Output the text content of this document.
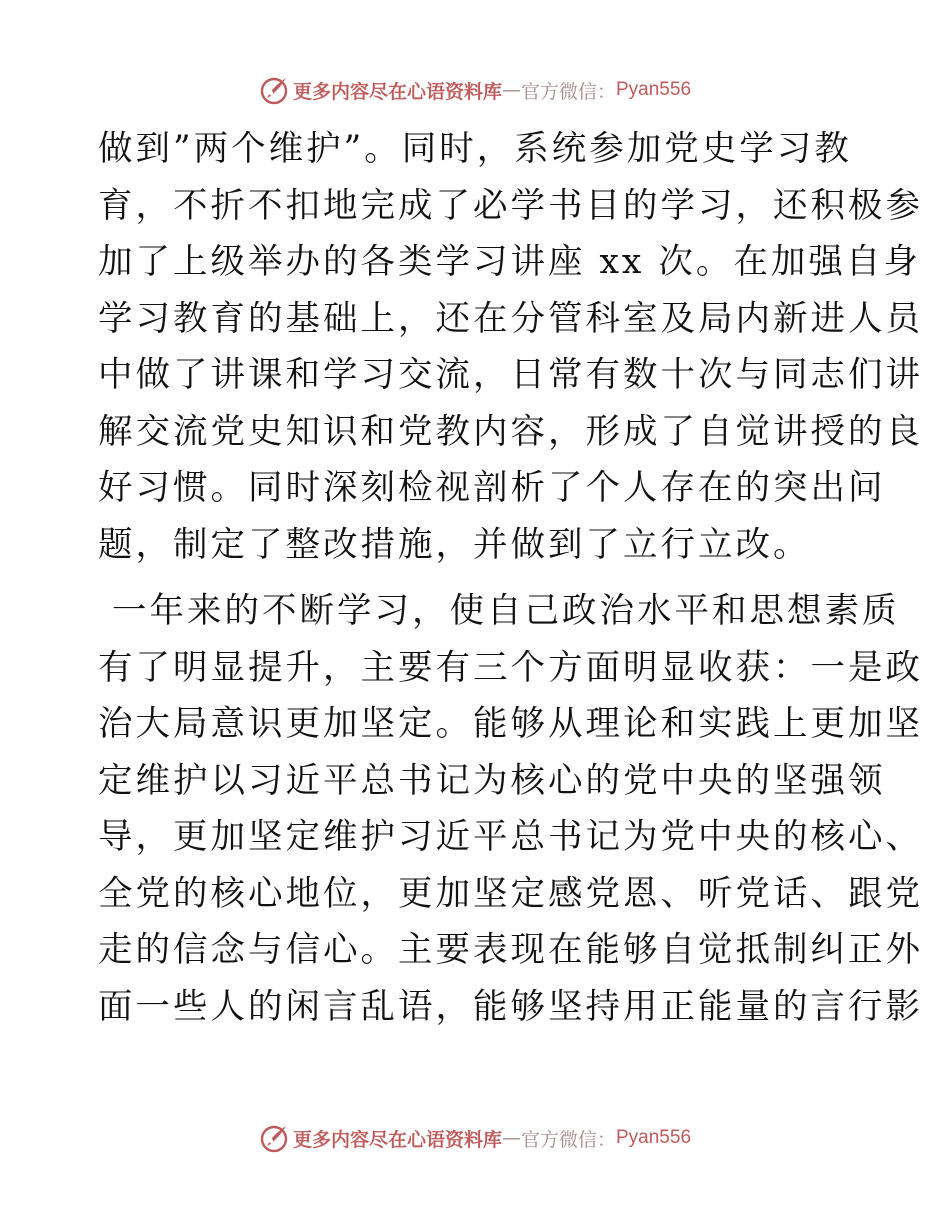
更多内容尽在心语资料库 — 官方微信： Pyan556

做到”两个维护”。同时，系统参加党史学习教
育，不折不扣地完成了必学书目的学习，还积极参
加了上级举办的各类学习讲座 xx 次。在加强自身
学习教育的基础上，还在分管科室及局内新进人员
中做了讲课和学习交流，日常有数十次与同志们讲
解交流党史知识和党教内容，形成了自觉讲授的良
好习惯。同时深刻检视剖析了个人存在的突出问
题，制定了整改措施，并做到了立行立改。

一年来的不断学习，使自己政治水平和思想素质
有了明显提升，主要有三个方面明显收获：一是政
治大局意识更加坚定。能够从理论和实践上更加坚
定维护以习近平总书记为核心的党中央的坚强领
导，更加坚定维护习近平总书记为党中央的核心、
全党的核心地位，更加坚定感党恩、听党话、跟党
走的信念与信心。主要表现在能够自觉抵制纠正外
面一些人的闲言乱语，能够坚持用正能量的言行影

更多内容尽在心语资料库 — 官方微信： Pyan556
